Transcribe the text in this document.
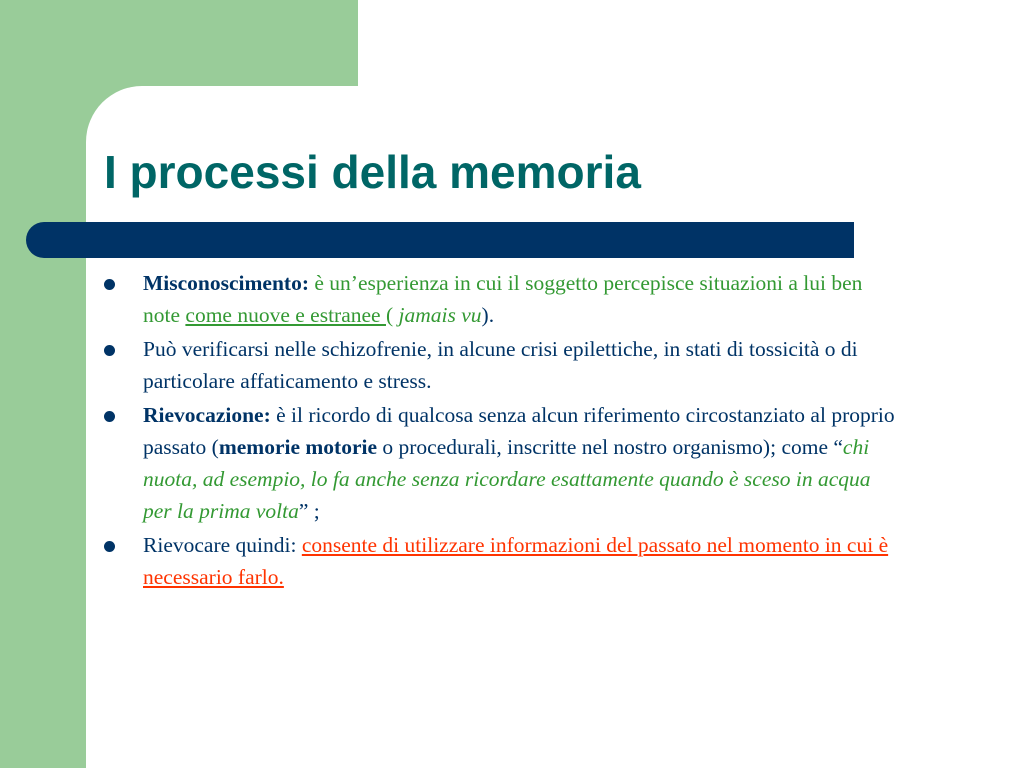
I processi della memoria
Misconoscimento: è un’esperienza in cui il soggetto percepisce situazioni a lui ben note come nuove e estranee ( jamais vu).
Può verificarsi nelle schizofrenie, in alcune crisi epilettiche, in stati di tossicità o di particolare affaticamento e stress.
Rievocazione: è il ricordo di qualcosa senza alcun riferimento circostanziato al proprio passato (memorie motorie o procedurali, inscritte nel nostro organismo); come “chi nuota, ad esempio, lo fa anche senza ricordare esattamente quando è sceso in acqua per la prima volta” ;
Rievocare quindi: consente di utilizzare informazioni del passato nel momento in cui è necessario farlo.
